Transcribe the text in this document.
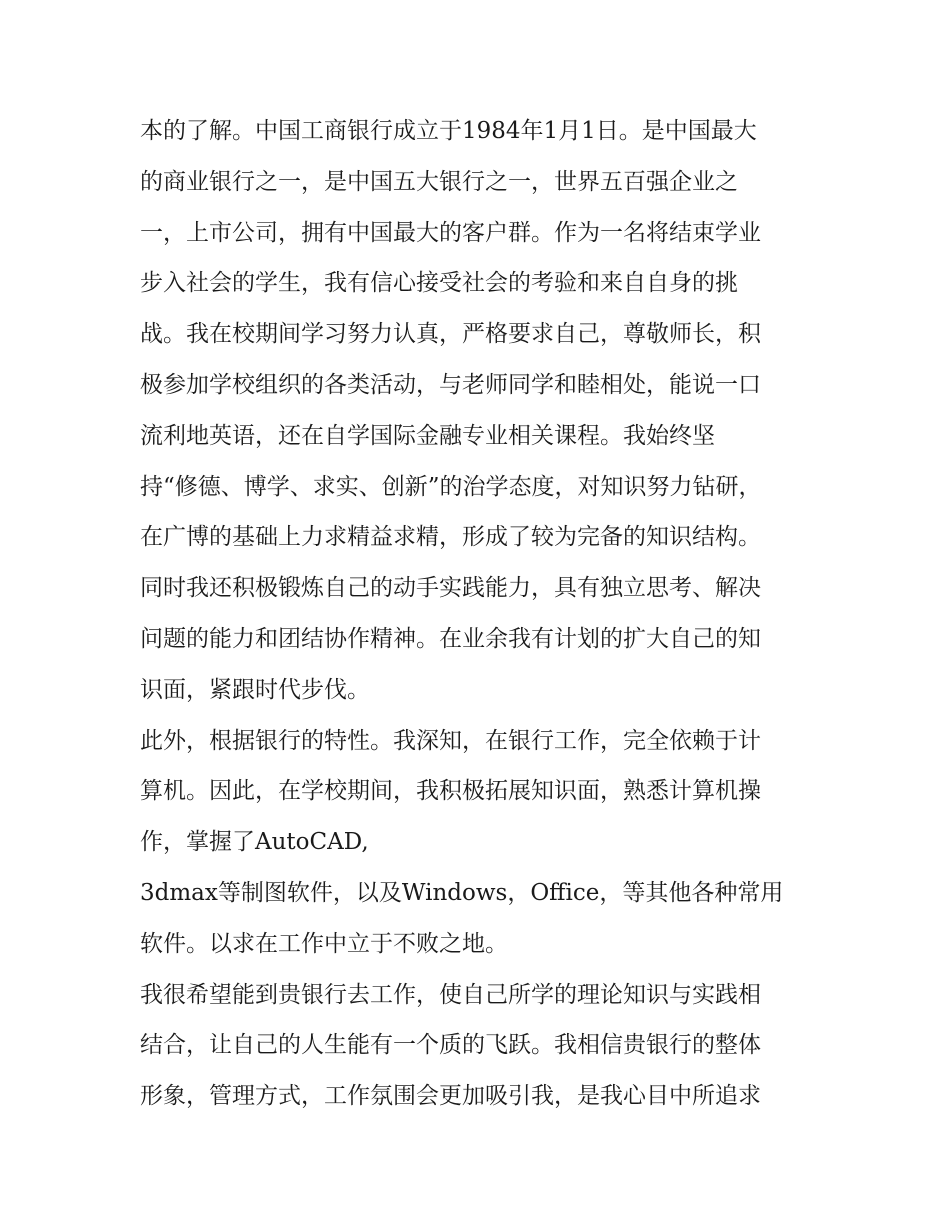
本的了解。中国工商银行成立于1984年1月1日。是中国最大
的商业银行之一，是中国五大银行之一，世界五百强企业之
一，上市公司，拥有中国最大的客户群。作为一名将结束学业
步入社会的学生，我有信心接受社会的考验和来自自身的挑
战。我在校期间学习努力认真，严格要求自己，尊敬师长，积
极参加学校组织的各类活动，与老师同学和睦相处，能说一口
流利地英语，还在自学国际金融专业相关课程。我始终坚
持“修德、博学、求实、创新”的治学态度，对知识努力钻研，
在广博的基础上力求精益求精，形成了较为完备的知识结构。
同时我还积极锻炼自己的动手实践能力，具有独立思考、解决
问题的能力和团结协作精神。在业余我有计划的扩大自己的知
识面，紧跟时代步伐。
此外，根据银行的特性。我深知，在银行工作，完全依赖于计
算机。因此，在学校期间，我积极拓展知识面，熟悉计算机操
作，掌握了AutoCAD,
3dmax等制图软件，以及Windows，Office，等其他各种常用
软件。以求在工作中立于不败之地。
我很希望能到贵银行去工作，使自己所学的理论知识与实践相
结合，让自己的人生能有一个质的飞跃。我相信贵银行的整体
形象，管理方式，工作氛围会更加吸引我，是我心目中所追求
